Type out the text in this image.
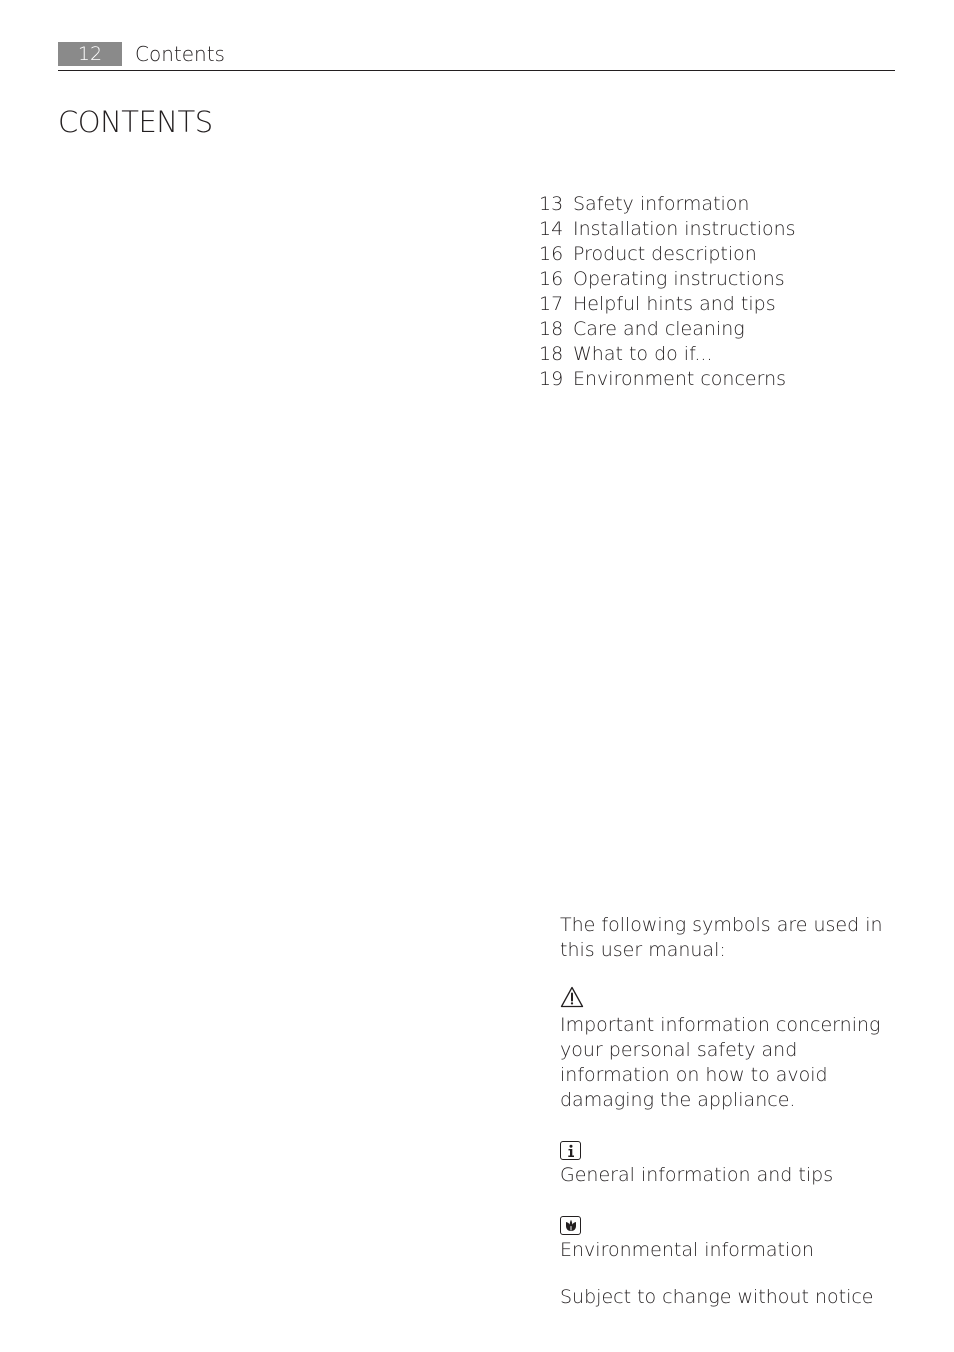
12	Contents
CONTENTS
13 Safety information
14 Installation instructions
16 Product description
16 Operating instructions
17 Helpful hints and tips
18 Care and cleaning
18 What to do if...
19 Environment concerns

The following symbols are used in this user manual:

Important information concerning your personal safety and information on how to avoid damaging the appliance.

General information and tips

Environmental information

Subject to change without notice
